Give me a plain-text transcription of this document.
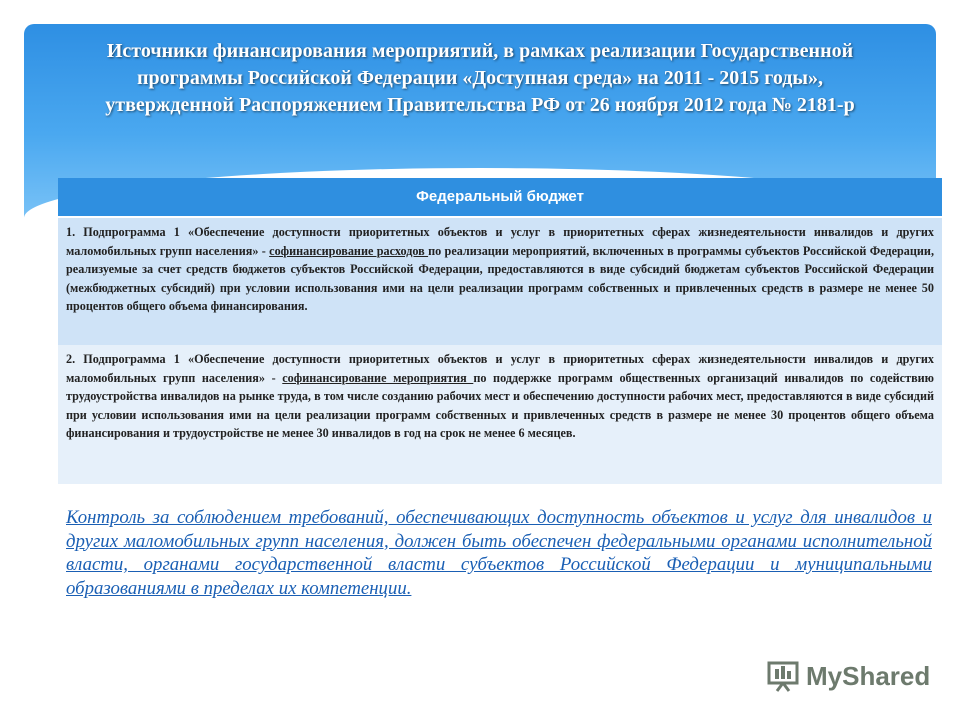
Источники финансирования мероприятий, в рамках реализации Государственной
программы Российской Федерации «Доступная среда» на 2011 - 2015 годы»,
утвержденной Распоряжением Правительства РФ от 26 ноября 2012 года № 2181-р
Федеральный бюджет
1. Подпрограмма 1 «Обеспечение доступности приоритетных объектов и услуг в приоритетных сферах жизнедеятельности инвалидов и других маломобильных групп населения» - софинансирование расходов по реализации мероприятий, включенных в программы субъектов Российской Федерации, реализуемые за счет средств бюджетов субъектов Российской Федерации, предоставляются в виде субсидий бюджетам субъектов Российской Федерации (межбюджетных субсидий) при условии использования ими на цели реализации программ собственных и привлеченных средств в размере не менее 50 процентов общего объема финансирования.
2. Подпрограмма 1 «Обеспечение доступности приоритетных объектов и услуг в приоритетных сферах жизнедеятельности инвалидов и других маломобильных групп населения» - софинансирование мероприятия по поддержке программ общественных организаций инвалидов по содействию трудоустройства инвалидов на рынке труда, в том числе созданию рабочих мест и обеспечению доступности рабочих мест, предоставляются в виде субсидий при условии использования ими на цели реализации программ собственных и привлеченных средств в размере не менее 30 процентов общего объема финансирования и трудоустройстве не менее 30 инвалидов в год на срок не менее 6 месяцев.
Контроль за соблюдением требований, обеспечивающих доступность объектов и услуг для инвалидов и других маломобильных групп населения, должен быть обеспечен федеральными органами исполнительной власти, органами государственной власти субъектов Российской Федерации и муниципальными образованиями в пределах их компетенции.
MyShared
